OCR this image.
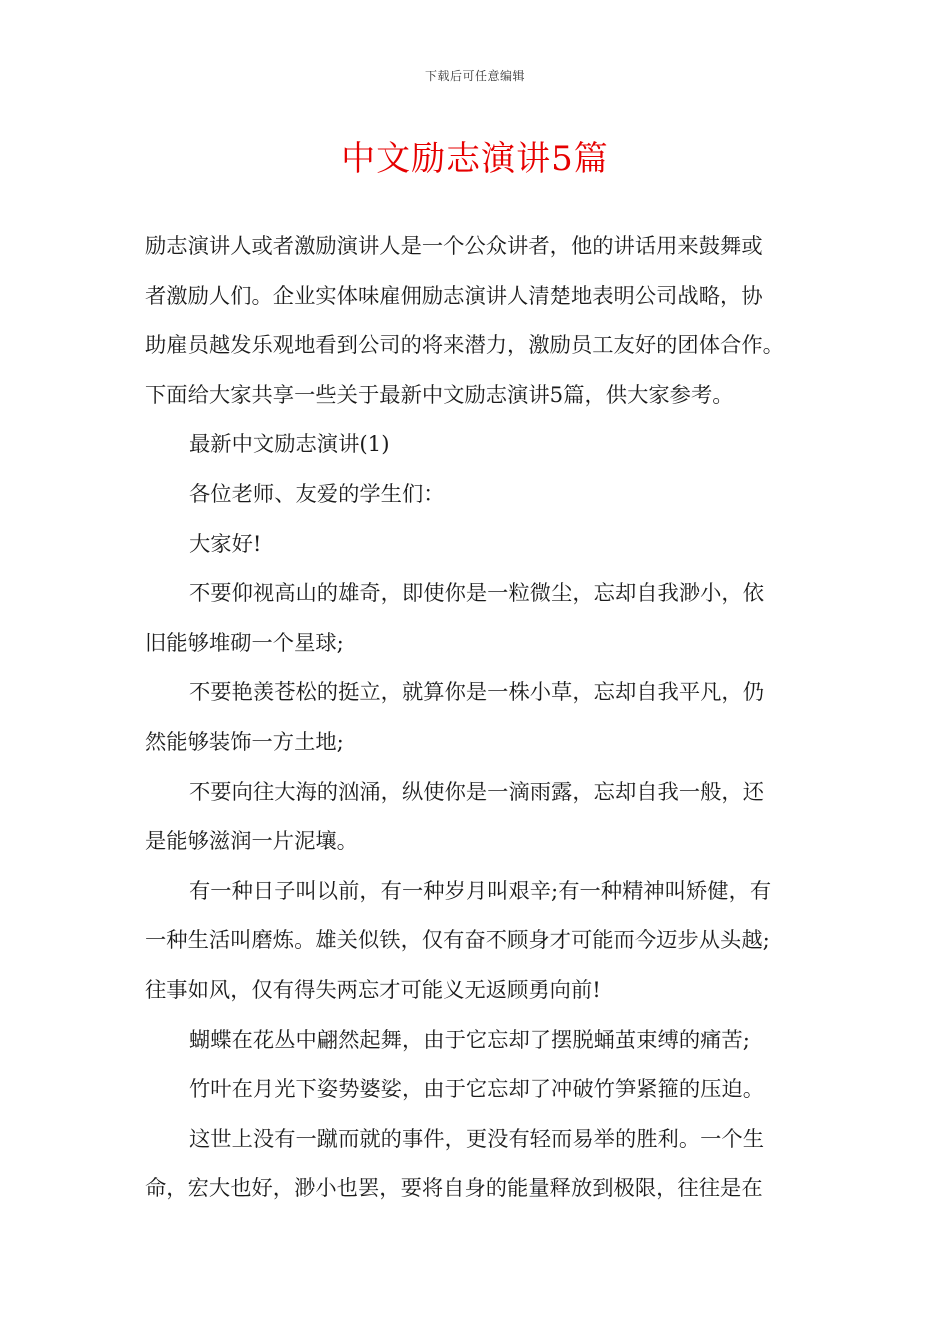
下载后可任意编辑
中文励志演讲5篇
励志演讲人或者激励演讲人是一个公众讲者，他的讲话用来鼓舞或
者激励人们。企业实体味雇佣励志演讲人清楚地表明公司战略，协
助雇员越发乐观地看到公司的将来潜力，激励员工友好的团体合作。
下面给大家共享一些关于最新中文励志演讲5篇，供大家参考。
最新中文励志演讲(1)
各位老师、友爱的学生们：
大家好!
不要仰视高山的雄奇，即使你是一粒微尘，忘却自我渺小，依
旧能够堆砌一个星球;
不要艳羡苍松的挺立，就算你是一株小草，忘却自我平凡，仍
然能够装饰一方土地;
不要向往大海的汹涌，纵使你是一滴雨露，忘却自我一般，还
是能够滋润一片泥壤。
有一种日子叫以前，有一种岁月叫艰辛;有一种精神叫矫健，有
一种生活叫磨炼。雄关似铁，仅有奋不顾身才可能而今迈步从头越;
往事如风，仅有得失两忘才可能义无返顾勇向前!
蝴蝶在花丛中翩然起舞，由于它忘却了摆脱蛹茧束缚的痛苦;
竹叶在月光下姿势婆娑，由于它忘却了冲破竹笋紧箍的压迫。
这世上没有一蹴而就的事件，更没有轻而易举的胜利。一个生
命，宏大也好，渺小也罢，要将自身的能量释放到极限，往往是在
